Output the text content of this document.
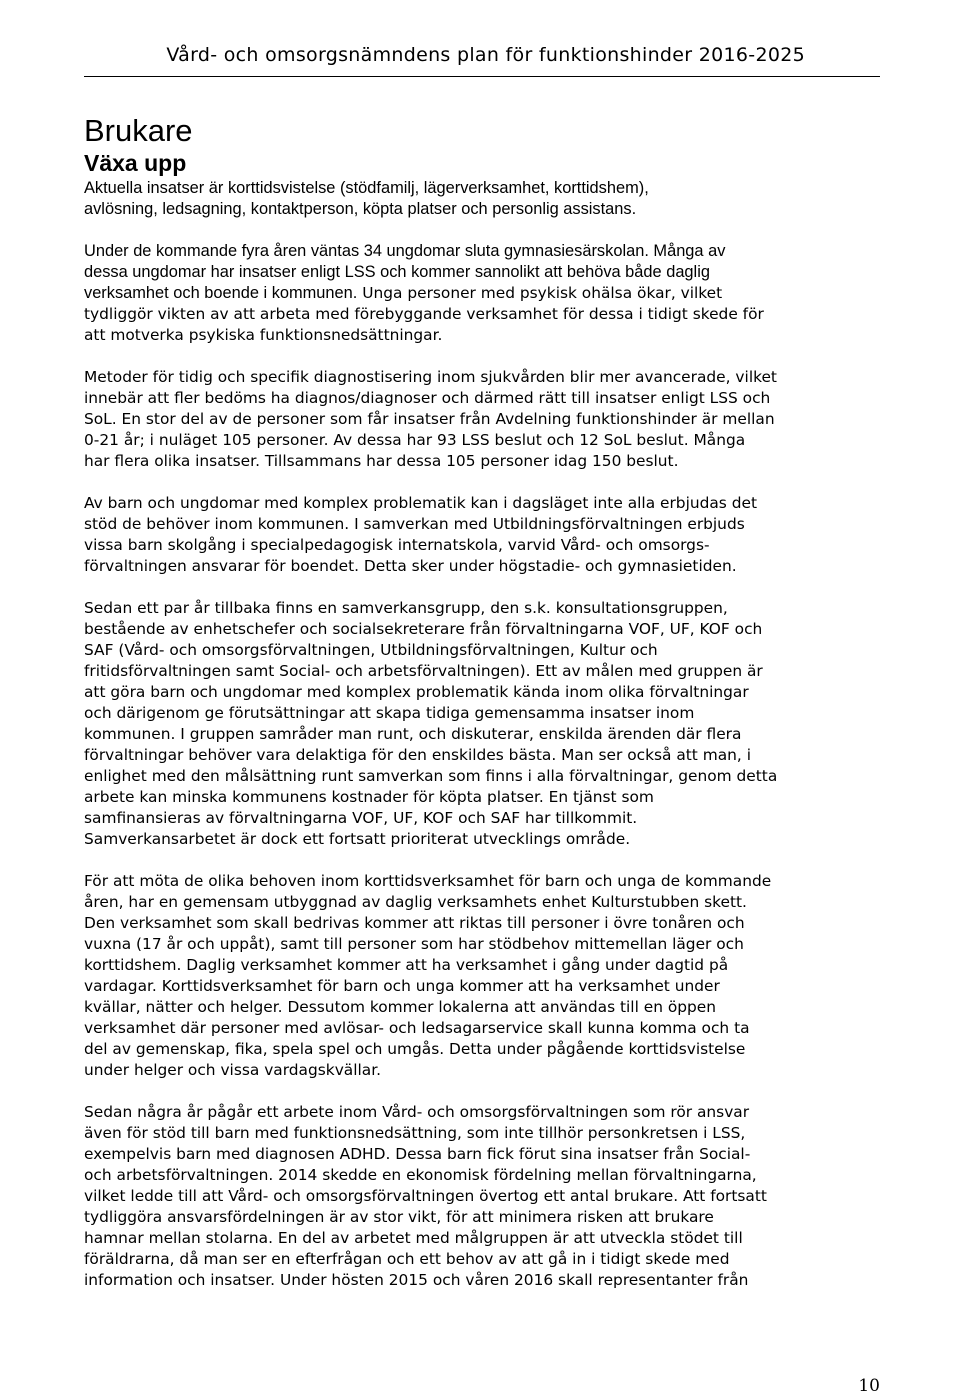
Vård- och omsorgsnämndens plan för funktionshinder 2016-2025
Brukare
Växa upp
Aktuella insatser är korttidsvistelse (stödfamilj, lägerverksamhet, korttidshem),
avlösning, ledsagning, kontaktperson, köpta platser och personlig assistans.
Under de kommande fyra åren väntas 34 ungdomar sluta gymnasiesärskolan. Många av
dessa ungdomar har insatser enligt LSS och kommer sannolikt att behöva både daglig
verksamhet och boende i kommunen. Unga personer med psykisk ohälsa ökar, vilket
tydliggör vikten av att arbeta med förebyggande verksamhet för dessa i tidigt skede för
att motverka psykiska funktionsnedsättningar.
Metoder för tidig och specifik diagnostisering inom sjukvården blir mer avancerade, vilket
innebär att fler bedöms ha diagnos/diagnoser och därmed rätt till insatser enligt LSS och
SoL. En stor del av de personer som får insatser från Avdelning funktionshinder är mellan
0-21 år; i nuläget 105 personer. Av dessa har 93 LSS beslut och 12 SoL beslut. Många
har flera olika insatser. Tillsammans har dessa 105 personer idag 150 beslut.
Av barn och ungdomar med komplex problematik kan i dagsläget inte alla erbjudas det
stöd de behöver inom kommunen. I samverkan med Utbildningsförvaltningen erbjuds
vissa barn skolgång i specialpedagogisk internatskola, varvid Vård- och omsorgs-
förvaltningen ansvarar för boendet. Detta sker under högstadie- och gymnasietiden.
Sedan ett par år tillbaka finns en samverkansgrupp, den s.k. konsultationsgruppen,
bestående av enhetschefer och socialsekreterare från förvaltningarna VOF, UF, KOF och
SAF (Vård- och omsorgsförvaltningen, Utbildningsförvaltningen, Kultur och
fritidsförvaltningen samt Social- och arbetsförvaltningen). Ett av målen med gruppen är
att göra barn och ungdomar med komplex problematik kända inom olika förvaltningar
och därigenom ge förutsättningar att skapa tidiga gemensamma insatser inom
kommunen. I gruppen samråder man runt, och diskuterar, enskilda ärenden där flera
förvaltningar behöver vara delaktiga för den enskildes bästa. Man ser också att man, i
enlighet med den målsättning runt samverkan som finns i alla förvaltningar, genom detta
arbete kan minska kommunens kostnader för köpta platser. En tjänst som
samfinansieras av förvaltningarna VOF, UF, KOF och SAF har tillkommit.
Samverkansarbetet är dock ett fortsatt prioriterat utvecklings område.
För att möta de olika behoven inom korttidsverksamhet för barn och unga de kommande
åren, har en gemensam utbyggnad av daglig verksamhets enhet Kulturstubben skett.
Den verksamhet som skall bedrivas kommer att riktas till personer i övre tonåren och
vuxna (17 år och uppåt), samt till personer som har stödbehov mittemellan läger och
korttidshem. Daglig verksamhet kommer att ha verksamhet i gång under dagtid på
vardagar. Korttidsverksamhet för barn och unga kommer att ha verksamhet under
kvällar, nätter och helger. Dessutom kommer lokalerna att användas till en öppen
verksamhet där personer med avlösar- och ledsagarservice skall kunna komma och ta
del av gemenskap, fika, spela spel och umgås. Detta under pågående korttidsvistelse
under helger och vissa vardagskvällar.
Sedan några år pågår ett arbete inom Vård- och omsorgsförvaltningen som rör ansvar
även för stöd till barn med funktionsnedsättning, som inte tillhör personkretsen i LSS,
exempelvis barn med diagnosen ADHD. Dessa barn fick förut sina insatser från Social-
och arbetsförvaltningen. 2014 skedde en ekonomisk fördelning mellan förvaltningarna,
vilket ledde till att Vård- och omsorgsförvaltningen övertog ett antal brukare. Att fortsatt
tydliggöra ansvarsfördelningen är av stor vikt, för att minimera risken att brukare
hamnar mellan stolarna. En del av arbetet med målgruppen är att utveckla stödet till
föräldrarna, då man ser en efterfrågan och ett behov av att gå in i tidigt skede med
information och insatser. Under hösten 2015 och våren 2016 skall representanter från
10
